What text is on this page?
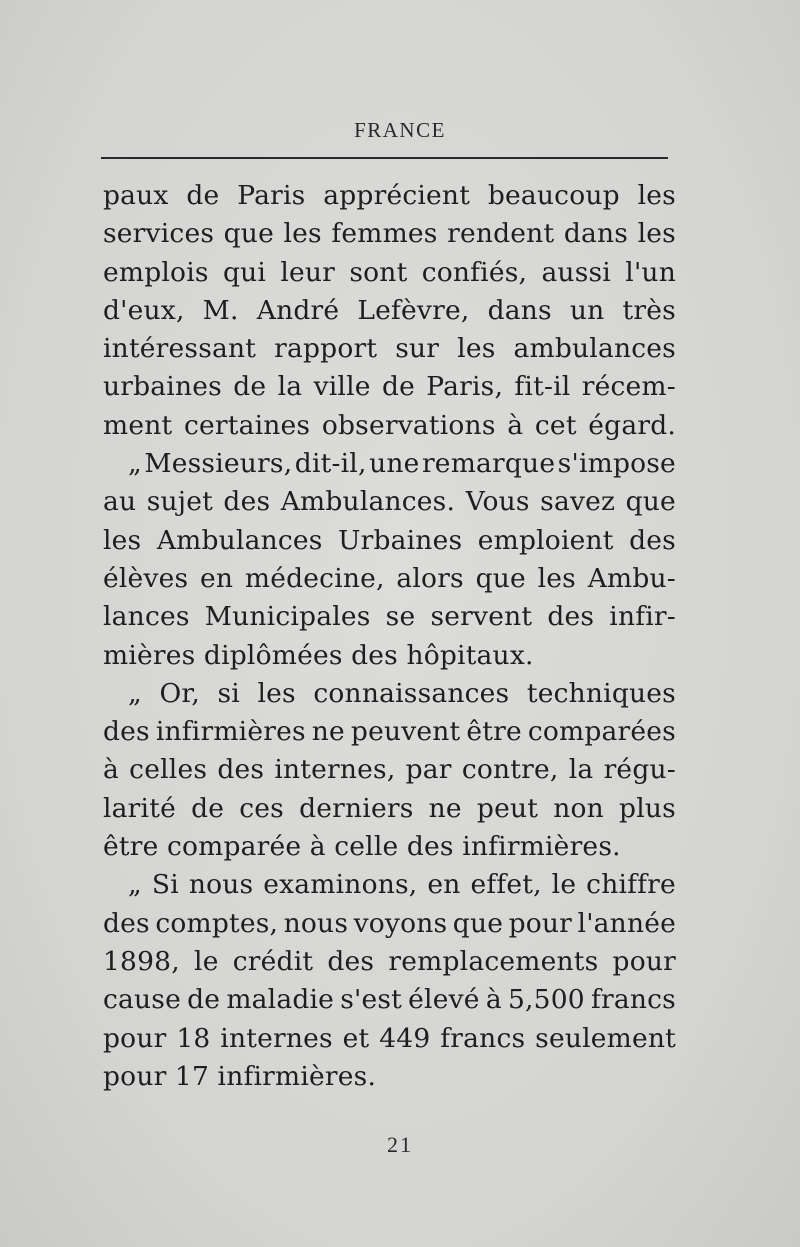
FRANCE
paux de Paris apprécient beaucoup les
services que les femmes rendent dans les
emplois qui leur sont confiés, aussi l'un
d'eux, M. André Lefèvre, dans un très
intéressant rapport sur les ambulances
urbaines de la ville de Paris, fit-il récem-
ment certaines observations à cet égard.
„ Messieurs, dit-il, une remarque s'impose
au sujet des Ambulances. Vous savez que
les Ambulances Urbaines emploient des
élèves en médecine, alors que les Ambu-
lances Municipales se servent des infir-
mières diplômées des hôpitaux.
„ Or, si les connaissances techniques
des infirmières ne peuvent être comparées
à celles des internes, par contre, la régu-
larité de ces derniers ne peut non plus
être comparée à celle des infirmières.
„ Si nous examinons, en effet, le chiffre
des comptes, nous voyons que pour l'année
1898, le crédit des remplacements pour
cause de maladie s'est élevé à 5,500 francs
pour 18 internes et 449 francs seulement
pour 17 infirmières.
21
